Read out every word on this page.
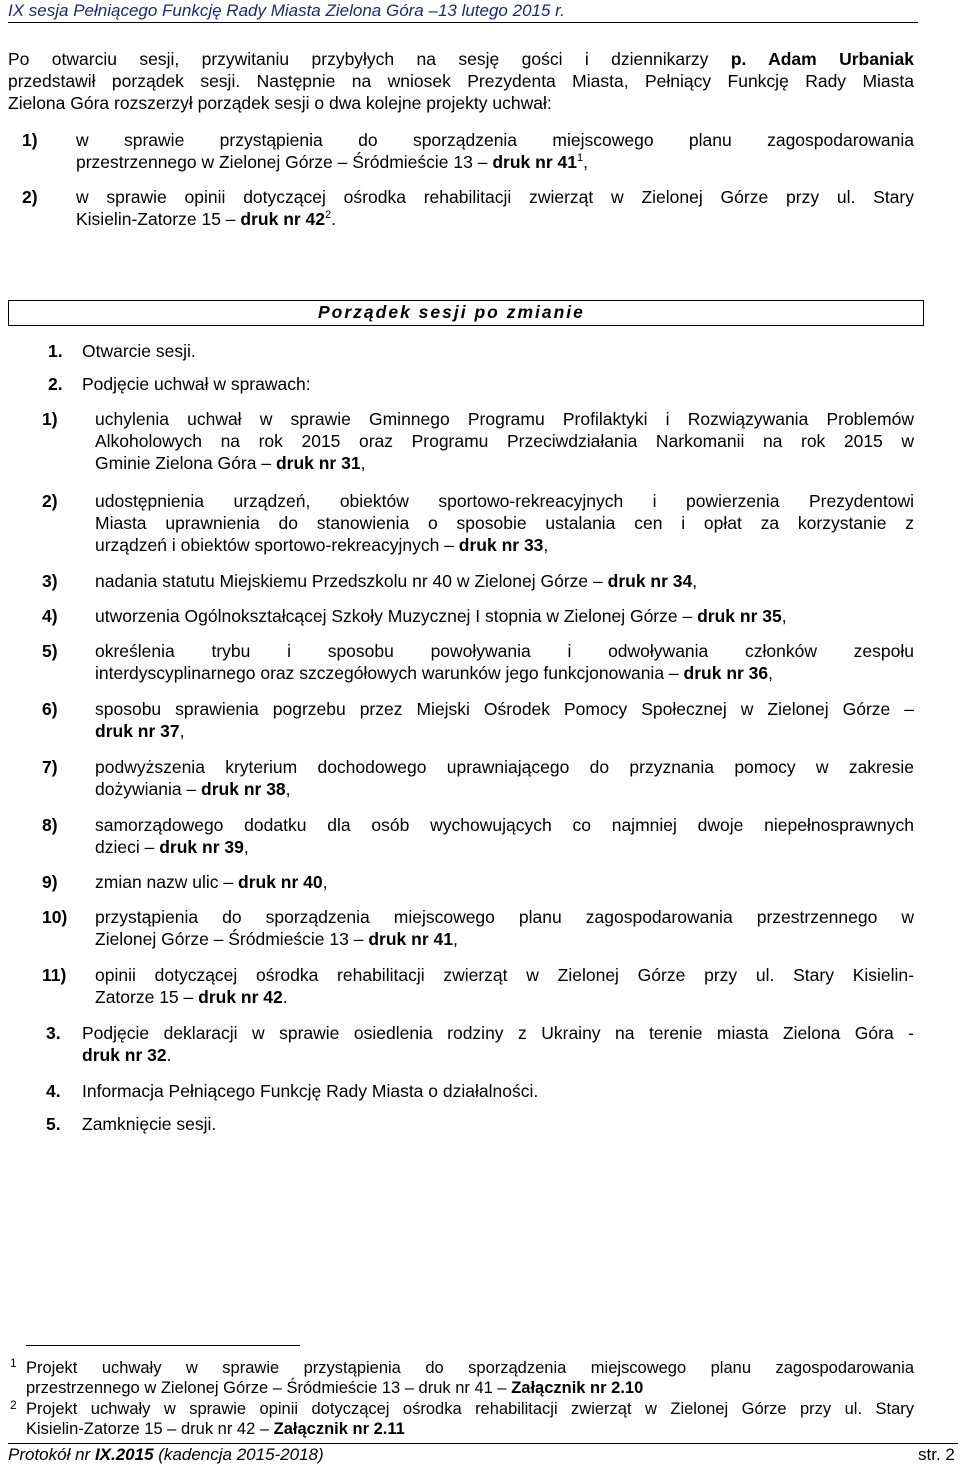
IX sesja Pełniącego Funkcję Rady Miasta Zielona Góra –13 lutego 2015 r.
Po otwarciu sesji, przywitaniu przybyłych na sesję gości i dziennikarzy p. Adam Urbaniak
przedstawił porządek sesji. Następnie na wniosek Prezydenta Miasta, Pełniący Funkcję Rady Miasta
Zielona Góra rozszerzył porządek sesji o dwa kolejne projekty uchwał:
1) w sprawie przystąpienia do sporządzenia miejscowego planu zagospodarowania
przestrzennego w Zielonej Górze – Śródmieście 13 – druk nr $41^1$,
2) w sprawie opinii dotyczącej ośrodka rehabilitacji zwierząt w Zielonej Górze przy ul. Stary
Kisielin-Zatorze 15 – druk nr $42^2$.
Porządek sesji po zmianie
1. Otwarcie sesji.
2. Podjęcie uchwał w sprawach:
1) uchylenia uchwał w sprawie Gminnego Programu Profilaktyki i Rozwiązywania Problemów
Alkoholowych na rok 2015 oraz Programu Przeciwdziałania Narkomanii na rok 2015 w
Gminie Zielona Góra – druk nr 31,
2) udostępnienia urządzeń, obiektów sportowo-rekreacyjnych i powierzenia Prezydentowi
Miasta uprawnienia do stanowienia o sposobie ustalania cen i opłat za korzystanie z
urządzeń i obiektów sportowo-rekreacyjnych – druk nr 33,
3) nadania statutu Miejskiemu Przedszkolu nr 40 w Zielonej Górze – druk nr 34,
4) utworzenia Ogólnokształcącej Szkoły Muzycznej I stopnia w Zielonej Górze – druk nr 35,
5) określenia trybu i sposobu powoływania i odwoływania członków zespołu
interdyscyplinarnego oraz szczegółowych warunków jego funkcjonowania – druk nr 36,
6) sposobu sprawienia pogrzebu przez Miejski Ośrodek Pomocy Społecznej w Zielonej Górze –
druk nr 37,
7) podwyższenia kryterium dochodowego uprawniającego do przyznania pomocy w zakresie
dożywiania – druk nr 38,
8) samorządowego dodatku dla osób wychowujących co najmniej dwoje niepełnosprawnych
dzieci – druk nr 39,
9) zmian nazw ulic – druk nr 40,
10) przystąpienia do sporządzenia miejscowego planu zagospodarowania przestrzennego w
Zielonej Górze – Śródmieście 13 – druk nr 41,
11) opinii dotyczącej ośrodka rehabilitacji zwierząt w Zielonej Górze przy ul. Stary Kisielin-
Zatorze 15 – druk nr 42.
3. Podjęcie deklaracji w sprawie osiedlenia rodziny z Ukrainy na terenie miasta Zielona Góra -
druk nr 32.
4. Informacja Pełniącego Funkcję Rady Miasta o działalności.
5. Zamknięcie sesji.
1 Projekt uchwały w sprawie przystąpienia do sporządzenia miejscowego planu zagospodarowania
przestrzennego w Zielonej Górze – Śródmieście 13 – druk nr 41 – Załącznik nr 2.10
2 Projekt uchwały w sprawie opinii dotyczącej ośrodka rehabilitacji zwierząt w Zielonej Górze przy ul. Stary
Kisielin-Zatorze 15 – druk nr 42 – Załącznik nr 2.11
Protokół nr IX.2015 (kadencja 2015-2018)	str. 2
